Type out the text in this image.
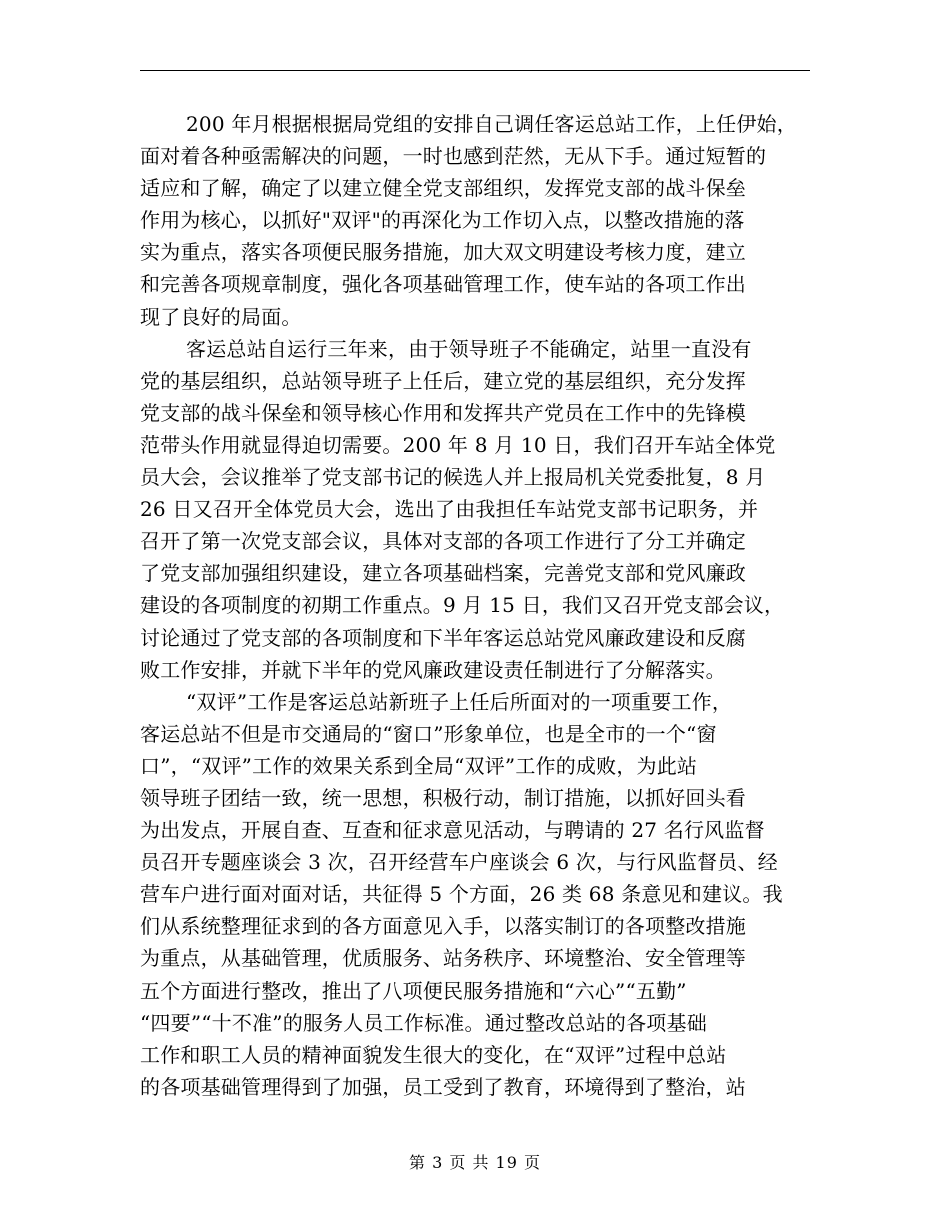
200 年月根据根据局党组的安排自己调任客运总站工作，上任伊始，
面对着各种亟需解决的问题，一时也感到茫然，无从下手。通过短暂的
适应和了解，确定了以建立健全党支部组织，发挥党支部的战斗保垒
作用为核心，以抓好"双评"的再深化为工作切入点，以整改措施的落
实为重点，落实各项便民服务措施，加大双文明建设考核力度，建立
和完善各项规章制度，强化各项基础管理工作，使车站的各项工作出
现了良好的局面。
客运总站自运行三年来，由于领导班子不能确定，站里一直没有
党的基层组织，总站领导班子上任后，建立党的基层组织，充分发挥
党支部的战斗保垒和领导核心作用和发挥共产党员在工作中的先锋模
范带头作用就显得迫切需要。200 年 8 月 10 日，我们召开车站全体党
员大会，会议推举了党支部书记的候选人并上报局机关党委批复，8 月
26 日又召开全体党员大会，选出了由我担任车站党支部书记职务，并
召开了第一次党支部会议，具体对支部的各项工作进行了分工并确定
了党支部加强组织建设，建立各项基础档案，完善党支部和党风廉政
建设的各项制度的初期工作重点。9 月 15 日，我们又召开党支部会议，
讨论通过了党支部的各项制度和下半年客运总站党风廉政建设和反腐
败工作安排，并就下半年的党风廉政建设责任制进行了分解落实。
“双评”工作是客运总站新班子上任后所面对的一项重要工作，
客运总站不但是市交通局的“窗口”形象单位，也是全市的一个“窗
口”，“双评”工作的效果关系到全局“双评”工作的成败，为此站
领导班子团结一致，统一思想，积极行动，制订措施，以抓好回头看
为出发点，开展自查、互查和征求意见活动，与聘请的 27 名行风监督
员召开专题座谈会 3 次，召开经营车户座谈会 6 次，与行风监督员、经
营车户进行面对面对话，共征得 5 个方面，26 类 68 条意见和建议。我
们从系统整理征求到的各方面意见入手，以落实制订的各项整改措施
为重点，从基础管理，优质服务、站务秩序、环境整治、安全管理等
五个方面进行整改，推出了八项便民服务措施和“六心”“五勤”
“四要”“十不准”的服务人员工作标准。通过整改总站的各项基础
工作和职工人员的精神面貌发生很大的变化，在“双评”过程中总站
的各项基础管理得到了加强，员工受到了教育，环境得到了整治，站
第 3 页 共 19 页
